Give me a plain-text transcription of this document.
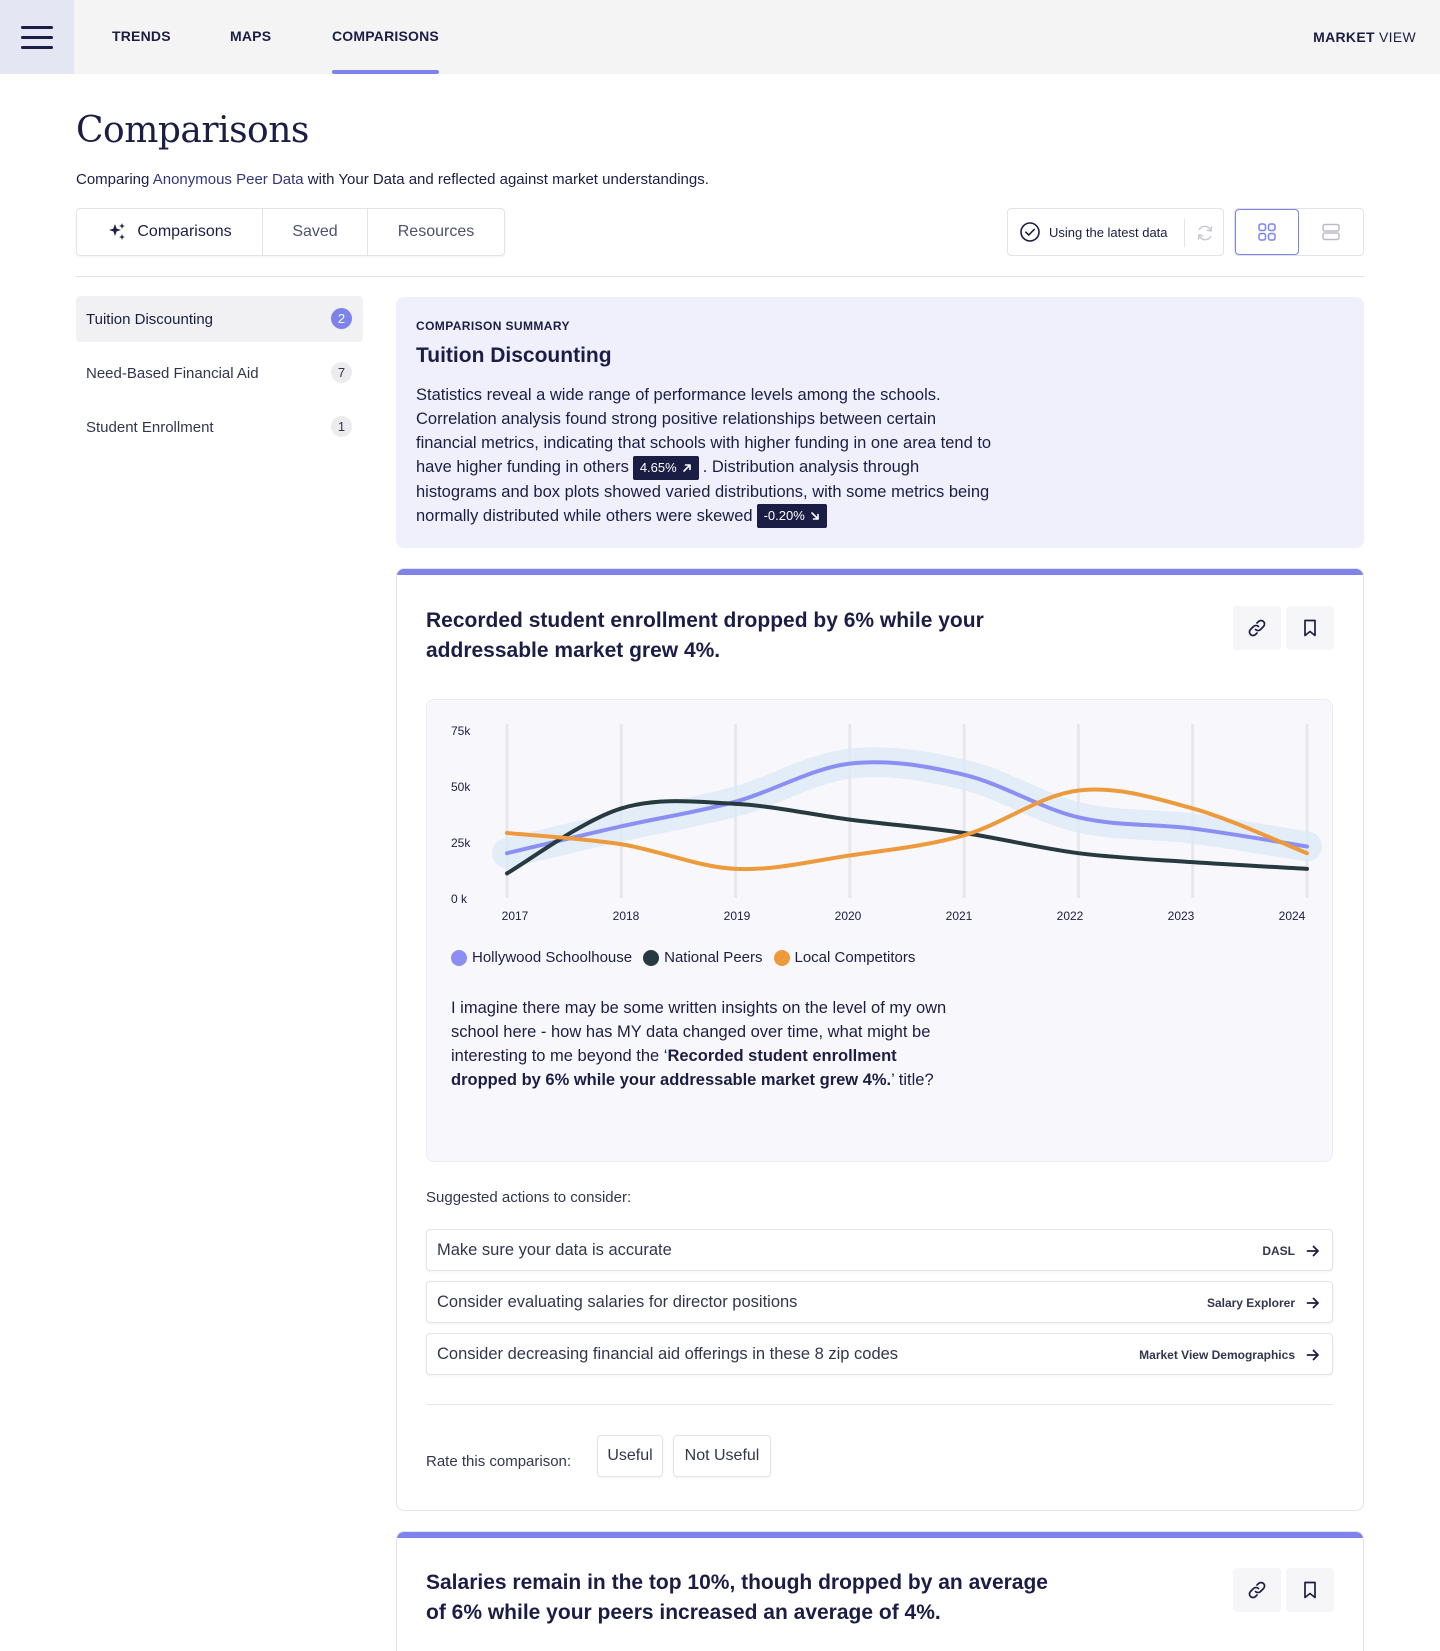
TRENDS	MAPS	COMPARISONS	MARKET VIEW
Comparisons
Comparing Anonymous Peer Data with Your Data and reflected against market understandings.
Comparisons	Saved	Resources	Using the latest data
Tuition Discounting	2
Need-Based Financial Aid	7
Student Enrollment	1
COMPARISON SUMMARY
Tuition Discounting
Statistics reveal a wide range of performance levels among the schools. Correlation analysis found strong positive relationships between certain financial metrics, indicating that schools with higher funding in one area tend to have higher funding in others 4.65% . Distribution analysis through histograms and box plots showed varied distributions, with some metrics being normally distributed while others were skewed -0.20%
Recorded student enrollment dropped by 6% while your addressable market grew 4%.
75k
50k
25k
0 k
2017	2018	2019	2020	2021	2022	2023	2024
Hollywood Schoolhouse National Peers Local Competitors
I imagine there may be some written insights on the level of my own school here - how has MY data changed over time, what might be interesting to me beyond the ‘Recorded student enrollment dropped by 6% while your addressable market grew 4%.’ title?
Suggested actions to consider:
Make sure your data is accurate	DASL
Consider evaluating salaries for director positions	Salary Explorer
Consider decreasing financial aid offerings in these 8 zip codes	Market View Demographics
Rate this comparison:	Useful	Not Useful
Salaries remain in the top 10%, though dropped by an average of 6% while your peers increased an average of 4%.
